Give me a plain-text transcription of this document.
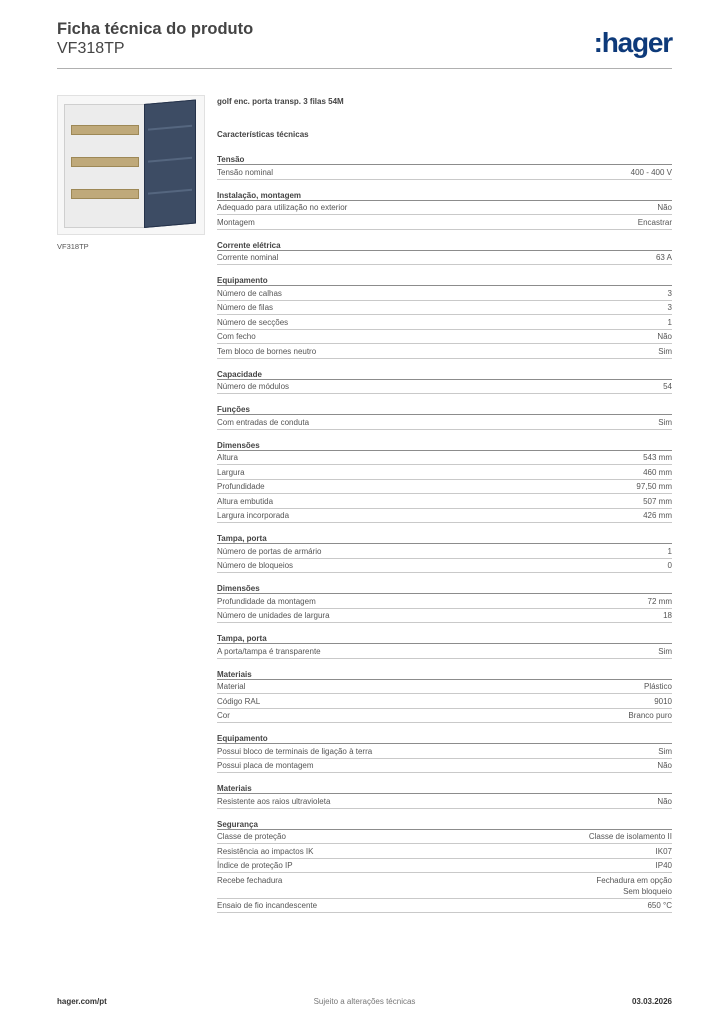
Ficha técnica do produto
VF318TP	:hager
VF318TP
golf enc. porta transp. 3 filas 54M
Características técnicas
Tensão
Tensão nominal	400 - 400 V
Instalação, montagem
Adequado para utilização no exterior	Não
Montagem	Encastrar
Corrente elétrica
Corrente nominal	63 A
Equipamento
Número de calhas	3
Número de filas	3
Número de secções	1
Com fecho	Não
Tem bloco de bornes neutro	Sim
Capacidade
Número de módulos	54
Funções
Com entradas de conduta	Sim
Dimensões
Altura	543 mm
Largura	460 mm
Profundidade	97,50 mm
Altura embutida	507 mm
Largura incorporada	426 mm
Tampa, porta
Número de portas de armário	1
Número de bloqueios	0
Dimensões
Profundidade da montagem	72 mm
Número de unidades de largura	18
Tampa, porta
A porta/tampa é transparente	Sim
Materiais
Material	Plástico
Código RAL	9010
Cor	Branco puro
Equipamento
Possui bloco de terminais de ligação à terra	Sim
Possui placa de montagem	Não
Materiais
Resistente aos raios ultravioleta	Não
Segurança
Classe de proteção	Classe de isolamento II
Resistência ao impactos IK	IK07
Índice de proteção IP	IP40
Recebe fechadura	Fechadura em opção
Sem bloqueio
Ensaio de fio incandescente	650 °C
hager.com/pt	Sujeito a alterações técnicas	03.03.2026
